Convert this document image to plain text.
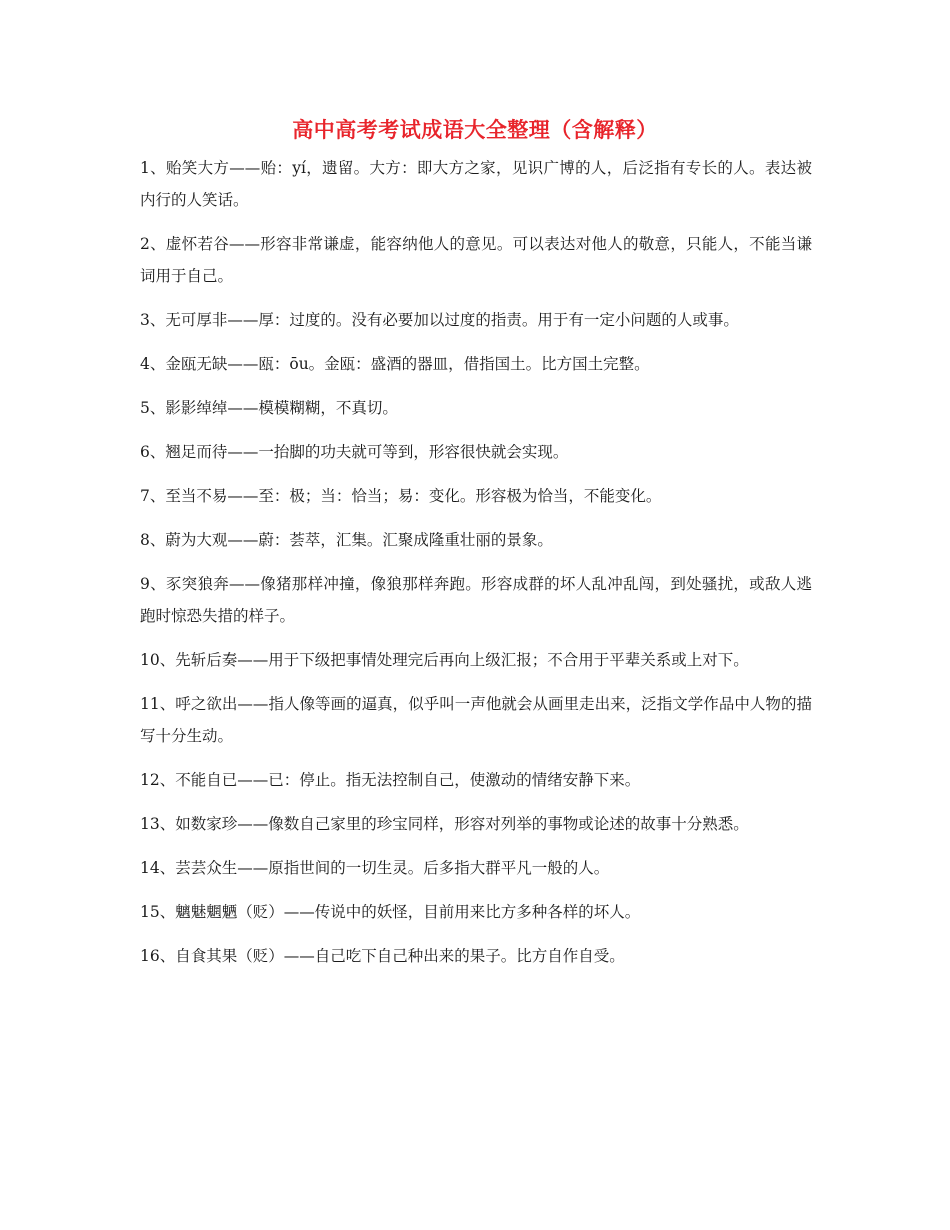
高中高考考试成语大全整理（含解释）

1、贻笑大方——贻：yí，遗留。大方：即大方之家，见识广博的人，后泛指有专长的人。表达被内行的人笑话。

2、虚怀若谷——形容非常谦虚，能容纳他人的意见。可以表达对他人的敬意，只能人，不能当谦词用于自己。

3、无可厚非——厚：过度的。没有必要加以过度的指责。用于有一定小问题的人或事。

4、金瓯无缺——瓯：ōu。金瓯：盛酒的器皿，借指国土。比方国土完整。

5、影影绰绰——模模糊糊，不真切。

6、翘足而待——一抬脚的功夫就可等到，形容很快就会实现。

7、至当不易——至：极；当：恰当；易：变化。形容极为恰当，不能变化。

8、蔚为大观——蔚：荟萃，汇集。汇聚成隆重壮丽的景象。

9、豕突狼奔——像猪那样冲撞，像狼那样奔跑。形容成群的坏人乱冲乱闯，到处骚扰，或敌人逃跑时惊恐失措的样子。

10、先斩后奏——用于下级把事情处理完后再向上级汇报；不合用于平辈关系或上对下。

11、呼之欲出——指人像等画的逼真，似乎叫一声他就会从画里走出来，泛指文学作品中人物的描写十分生动。

12、不能自已——已：停止。指无法控制自己，使激动的情绪安静下来。

13、如数家珍——像数自己家里的珍宝同样，形容对列举的事物或论述的故事十分熟悉。

14、芸芸众生——原指世间的一切生灵。后多指大群平凡一般的人。

15、魑魅魍魉（贬）——传说中的妖怪，目前用来比方多种各样的坏人。

16、自食其果（贬）——自己吃下自己种出来的果子。比方自作自受。
